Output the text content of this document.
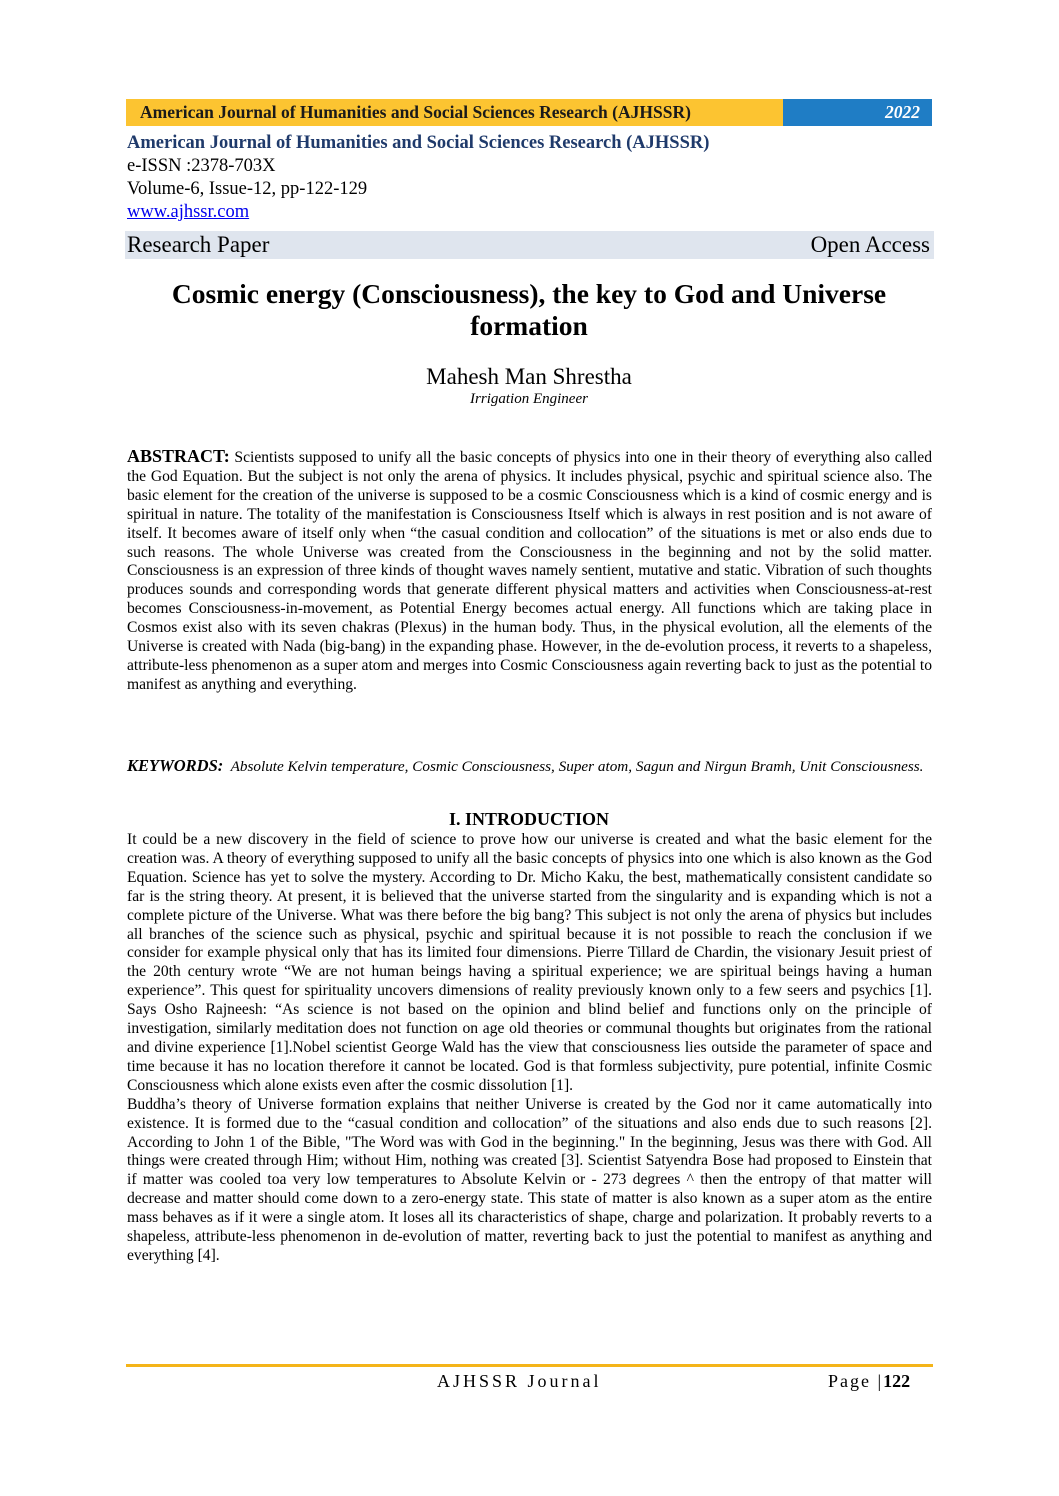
American Journal of Humanities and Social Sciences Research (AJHSSR)	2022
American Journal of Humanities and Social Sciences Research (AJHSSR)
e-ISSN :2378-703X
Volume-6, Issue-12, pp-122-129
www.ajhssr.com
Research Paper	Open Access
Cosmic energy (Consciousness), the key to God and Universe formation
Mahesh Man Shrestha
Irrigation Engineer
ABSTRACT: Scientists supposed to unify all the basic concepts of physics into one in their theory of everything also called the God Equation. But the subject is not only the arena of physics. It includes physical, psychic and spiritual science also. The basic element for the creation of the universe is supposed to be a cosmic Consciousness which is a kind of cosmic energy and is spiritual in nature. The totality of the manifestation is Consciousness Itself which is always in rest position and is not aware of itself. It becomes aware of itself only when “the casual condition and collocation” of the situations is met or also ends due to such reasons. The whole Universe was created from the Consciousness in the beginning and not by the solid matter. Consciousness is an expression of three kinds of thought waves namely sentient, mutative and static. Vibration of such thoughts produces sounds and corresponding words that generate different physical matters and activities when Consciousness-at-rest becomes Consciousness-in-movement, as Potential Energy becomes actual energy. All functions which are taking place in Cosmos exist also with its seven chakras (Plexus) in the human body. Thus, in the physical evolution, all the elements of the Universe is created with Nada (big-bang) in the expanding phase. However, in the de-evolution process, it reverts to a shapeless, attribute-less phenomenon as a super atom and merges into Cosmic Consciousness again reverting back to just as the potential to manifest as anything and everything.
KEYWORDS: Absolute Kelvin temperature, Cosmic Consciousness, Super atom, Sagun and Nirgun Bramh, Unit Consciousness.
I. INTRODUCTION

It could be a new discovery in the field of science to prove how our universe is created and what the basic element for the creation was. A theory of everything supposed to unify all the basic concepts of physics into one which is also known as the God Equation. Science has yet to solve the mystery. According to Dr. Micho Kaku, the best, mathematically consistent candidate so far is the string theory. At present, it is believed that the universe started from the singularity and is expanding which is not a complete picture of the Universe. What was there before the big bang? This subject is not only the arena of physics but includes all branches of the science such as physical, psychic and spiritual because it is not possible to reach the conclusion if we consider for example physical only that has its limited four dimensions. Pierre Tillard de Chardin, the visionary Jesuit priest of the 20th century wrote “We are not human beings having a spiritual experience; we are spiritual beings having a human experience”. This quest for spirituality uncovers dimensions of reality previously known only to a few seers and psychics [1]. Says Osho Rajneesh: “As science is not based on the opinion and blind belief and functions only on the principle of investigation, similarly meditation does not function on age old theories or communal thoughts but originates from the rational and divine experience [1].Nobel scientist George Wald has the view that consciousness lies outside the parameter of space and time because it has no location therefore it cannot be located. God is that formless subjectivity, pure potential, infinite Cosmic Consciousness which alone exists even after the cosmic dissolution [1].

Buddha’s theory of Universe formation explains that neither Universe is created by the God nor it came automatically into existence. It is formed due to the “casual condition and collocation” of the situations and also ends due to such reasons [2]. According to John 1 of the Bible, "The Word was with God in the beginning." In the beginning, Jesus was there with God. All things were created through Him; without Him, nothing was created [3]. Scientist Satyendra Bose had proposed to Einstein that if matter was cooled toa very low temperatures to Absolute Kelvin or - 273 degrees ^ then the entropy of that matter will decrease and matter should come down to a zero-energy state. This state of matter is also known as a super atom as the entire mass behaves as if it were a single atom. It loses all its characteristics of shape, charge and polarization. It probably reverts to a shapeless, attribute-less phenomenon in de-evolution of matter, reverting back to just the potential to manifest as anything and everything [4].

AJHSSR Journal	Page |122
